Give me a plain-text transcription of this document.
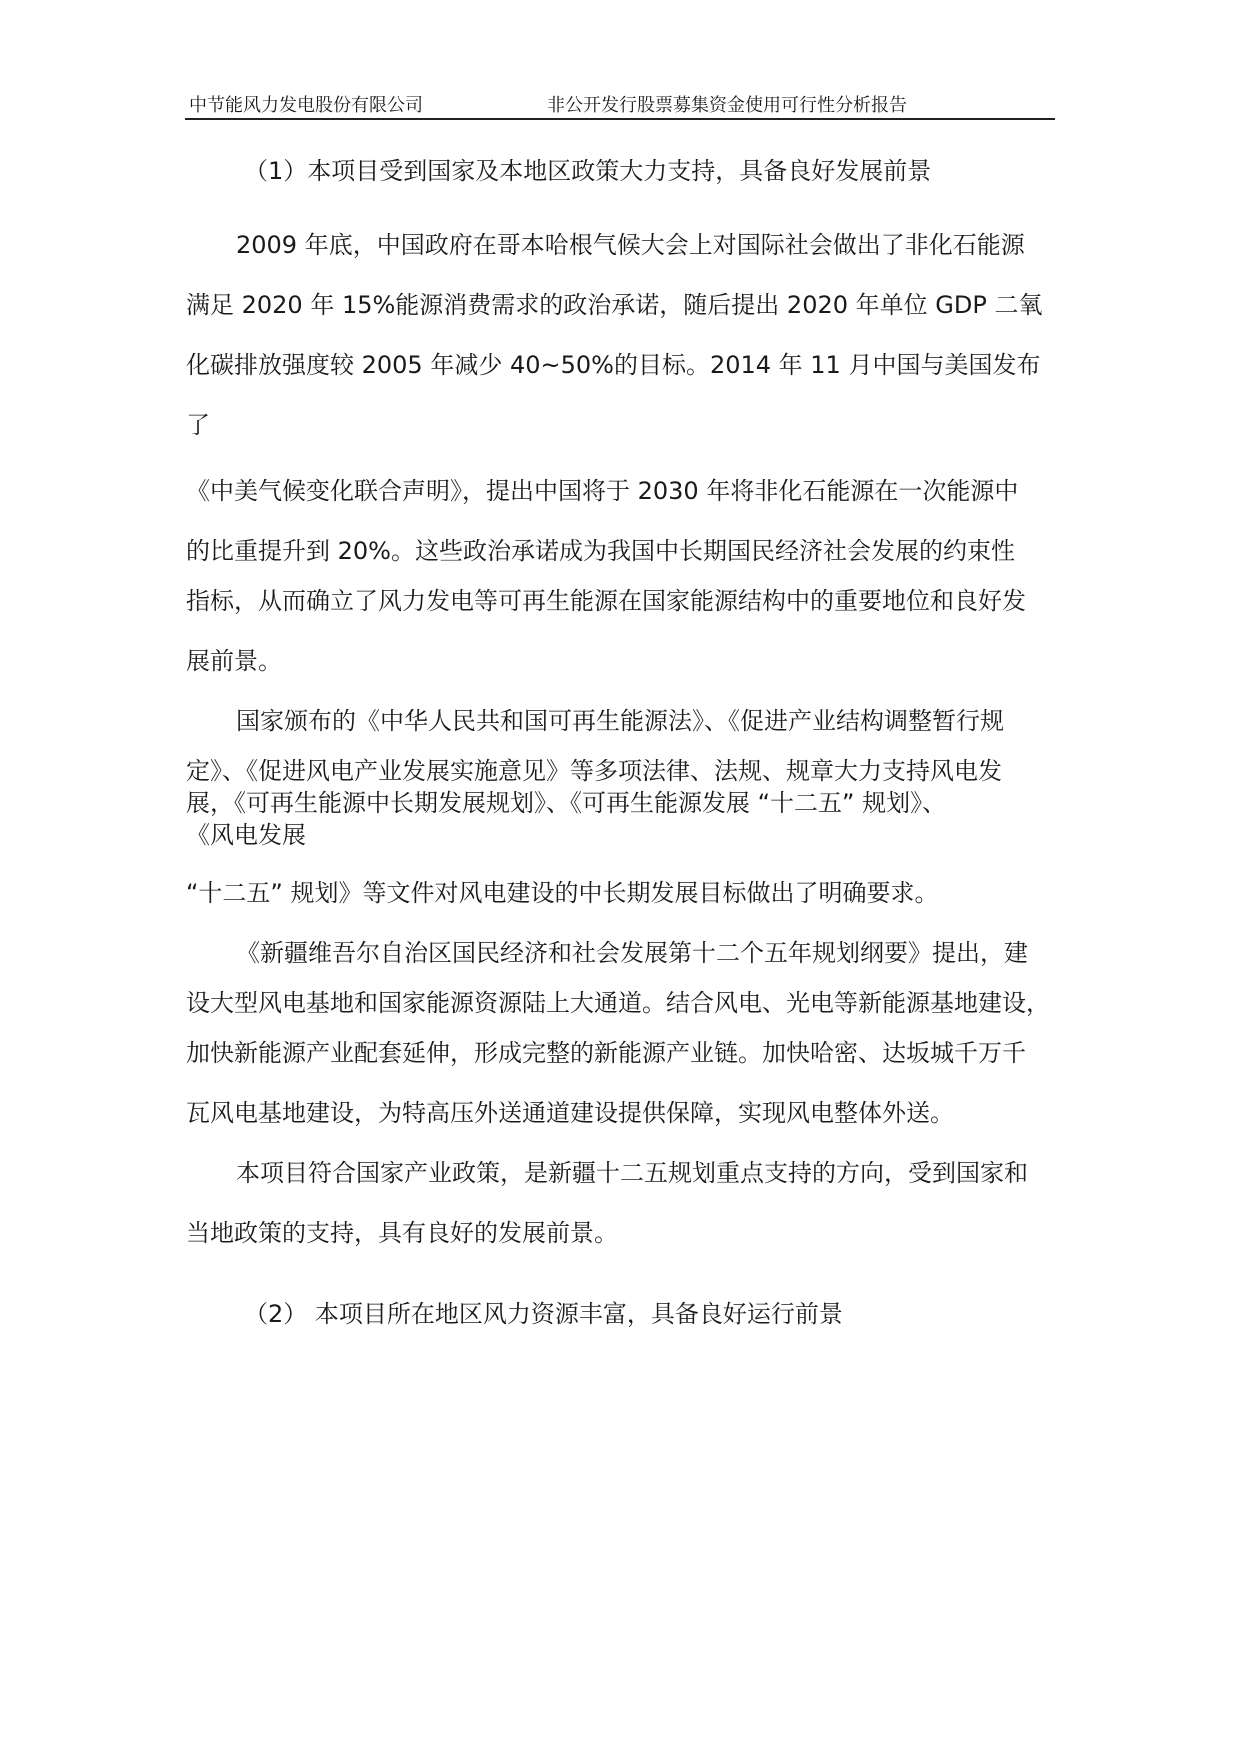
中节能风力发电股份有限公司	非公开发行股票募集资金使用可行性分析报告
（1）本项目受到国家及本地区政策大力支持，具备良好发展前景
2009 年底，中国政府在哥本哈根气候大会上对国际社会做出了非化石能源
满足 2020 年 15%能源消费需求的政治承诺，随后提出 2020 年单位 GDP 二氧
化碳排放强度较 2005 年减少 40~50%的目标。2014 年 11 月中国与美国发布
了
《中美气候变化联合声明》，提出中国将于 2030 年将非化石能源在一次能源中
的比重提升到 20%。这些政治承诺成为我国中长期国民经济社会发展的约束性
指标，从而确立了风力发电等可再生能源在国家能源结构中的重要地位和良好发
展前景。
国家颁布的《中华人民共和国可再生能源法》、《促进产业结构调整暂行规
定》、《促进风电产业发展实施意见》等多项法律、法规、规章大力支持风电发
展，《可再生能源中长期发展规划》、《可再生能源发展 “十二五” 规划》、
《风电发展
“十二五” 规划》等文件对风电建设的中长期发展目标做出了明确要求。
《新疆维吾尔自治区国民经济和社会发展第十二个五年规划纲要》提出，建
设大型风电基地和国家能源资源陆上大通道。结合风电、光电等新能源基地建设，
加快新能源产业配套延伸，形成完整的新能源产业链。加快哈密、达坂城千万千
瓦风电基地建设，为特高压外送通道建设提供保障，实现风电整体外送。
本项目符合国家产业政策，是新疆十二五规划重点支持的方向，受到国家和
当地政策的支持，具有良好的发展前景。
（2） 本项目所在地区风力资源丰富，具备良好运行前景
